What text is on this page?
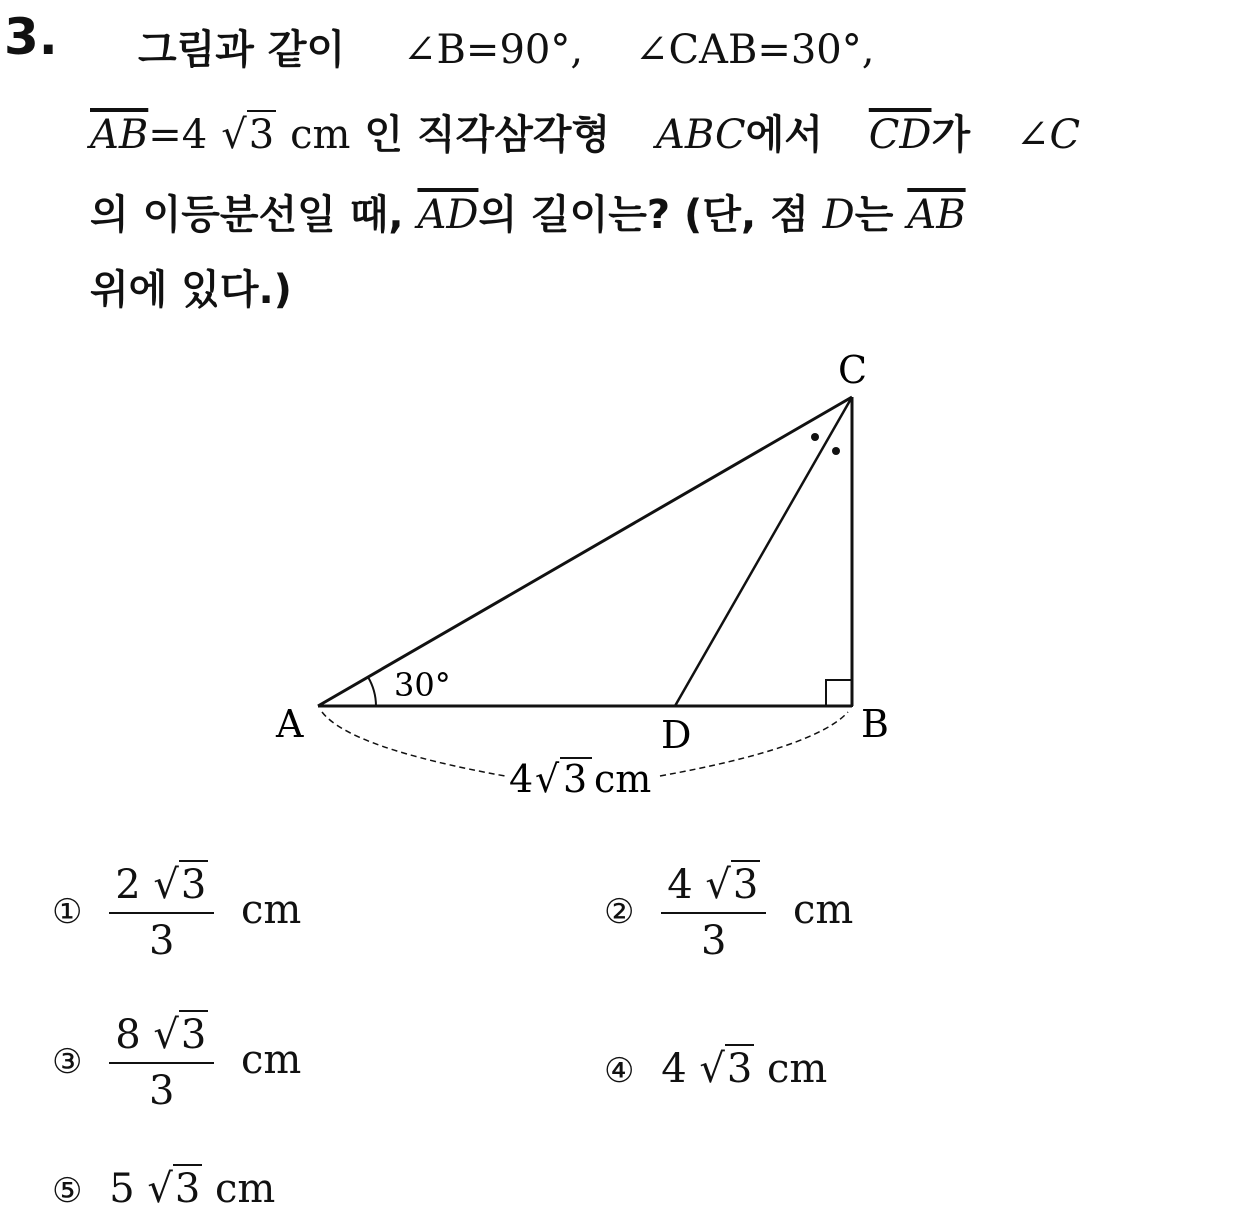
3. 그림과 같이 ∠B=90°, ∠CAB=30°,
$\overline{AB}=4$ √3 cm 인 직각삼각형 ABC에서 $\overline{CD}$가 ∠C
의 이등분선일 때, $\overline{AD}$의 길이는? (단, 점 D는 $\overline{AB}$
위에 있다.)
C
A	B
D
30°
4 √ 3 cm
① $\frac{2 √3}{3}$ cm	② $\frac{4 √3}{3}$ cm
③ $\frac{8 √3}{3}$ cm	④ 4 √3 cm
⑤ 5 √3 cm
